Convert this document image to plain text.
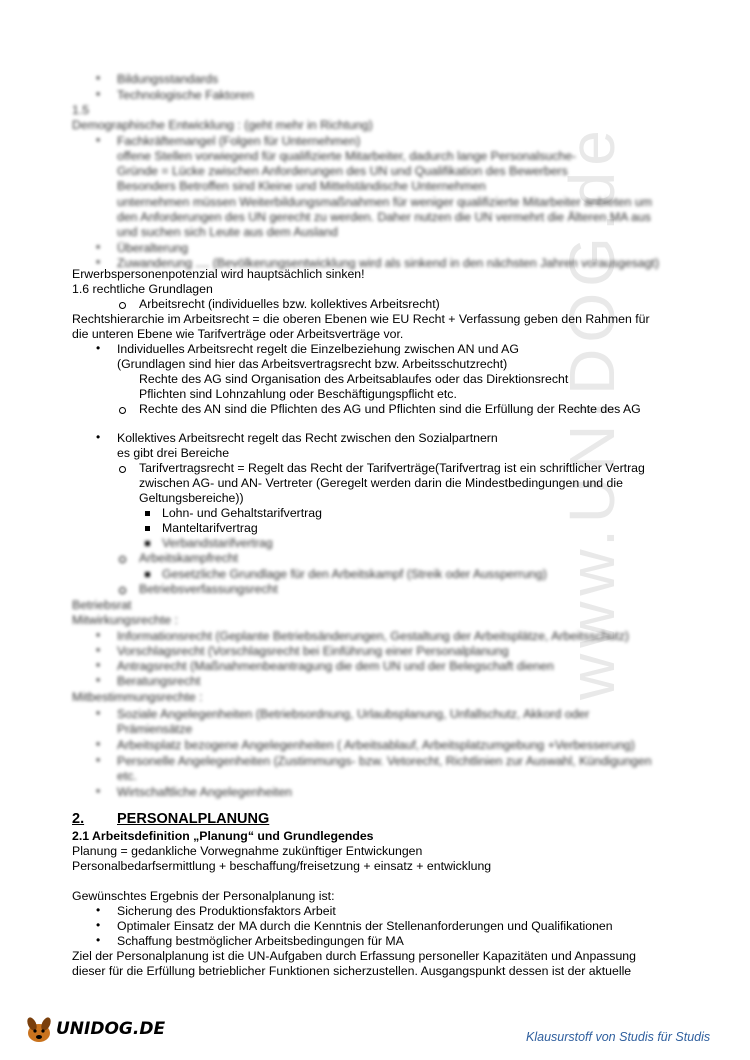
www.UNIDOG.de
• Bildungsstandards
• Technologische Faktoren
1.5
Demographische Entwicklung : (geht mehr in Richtung)
• Fachkräftemangel (Folgen für Unternehmen)
offene Stellen vorwiegend für qualifizierte Mitarbeiter, dadurch lange Personalsuche-
Gründe = Lücke zwischen Anforderungen des UN und Qualifikation des Bewerbers
Besonders Betroffen sind Kleine und Mittelständische Unternehmen
unternehmen müssen Weiterbildungsmaßnahmen für weniger qualifizierte Mitarbeiter anbieten um
den Anforderungen des UN gerecht zu werden. Daher nutzen die UN vermehrt die Älteren MA aus
und suchen sich Leute aus dem Ausland
• Überalterung
• Zuwanderung .... (Bevölkerungsentwicklung wird als sinkend in den nächsten Jahren vorausgesagt)
Erwerbspersonenpotenzial wird hauptsächlich sinken!
1.6 rechtliche Grundlagen
Arbeitsrecht (individuelles bzw. kollektives Arbeitsrecht)
Rechtshierarchie im Arbeitsrecht = die oberen Ebenen wie EU Recht + Verfassung geben den Rahmen für
die unteren Ebene wie Tarifverträge oder Arbeitsverträge vor.
• Individuelles Arbeitsrecht regelt die Einzelbeziehung zwischen AN und AG
(Grundlagen sind hier das Arbeitsvertragsrecht bzw. Arbeitsschutzrecht)
Rechte des AG sind Organisation des Arbeitsablaufes oder das Direktionsrecht
Pflichten sind Lohnzahlung oder Beschäftigungspflicht etc.
Rechte des AN sind die Pflichten des AG und Pflichten sind die Erfüllung der Rechte des AG
• Kollektives Arbeitsrecht regelt das Recht zwischen den Sozialpartnern
es gibt drei Bereiche
Tarifvertragsrecht = Regelt das Recht der Tarifverträge(Tarifvertrag ist ein schriftlicher Vertrag
zwischen AG- und AN- Vertreter (Geregelt werden darin die Mindestbedingungen und die
Geltungsbereiche))
Lohn- und Gehaltstarifvertrag
Manteltarifvertrag
Verbandstarifvertrag
Arbeitskampfrecht
Gesetzliche Grundlage für den Arbeitskampf (Streik oder Aussperrung)
Betriebsverfassungsrecht
Betriebsrat
Mitwirkungsrechte :
• Informationsrecht (Geplante Betriebsänderungen, Gestaltung der Arbeitsplätze, Arbeitsschutz)
• Vorschlagsrecht (Vorschlagsrecht bei Einführung einer Personalplanung
• Antragsrecht (Maßnahmenbeantragung die dem UN und der Belegschaft dienen
• Beratungsrecht
Mitbestimmungsrechte :
• Soziale Angelegenheiten (Betriebsordnung, Urlaubsplanung, Unfallschutz, Akkord oder
Prämiensätze
• Arbeitsplatz bezogene Angelegenheiten ( Arbeitsablauf, Arbeitsplatzumgebung +Verbesserung)
• Personelle Angelegenheiten (Zustimmungs- bzw. Vetorecht, Richtlinien zur Auswahl, Kündigungen
etc.
• Wirtschaftliche Angelegenheiten
2. PERSONALPLANUNG
2.1 Arbeitsdefinition „Planung“ und Grundlegendes
Planung = gedankliche Vorwegnahme zukünftiger Entwickungen
Personalbedarfsermittlung + beschaffung/freisetzung + einsatz + entwicklung
Gewünschtes Ergebnis der Personalplanung ist:
• Sicherung des Produktionsfaktors Arbeit
• Optimaler Einsatz der MA durch die Kenntnis der Stellenanforderungen und Qualifikationen
• Schaffung bestmöglicher Arbeitsbedingungen für MA
Ziel der Personalplanung ist die UN-Aufgaben durch Erfassung personeller Kapazitäten und Anpassung
dieser für die Erfüllung betrieblicher Funktionen sicherzustellen. Ausgangspunkt dessen ist der aktuelle
UNIDOG.DE	Klausurstoff von Studis für Studis
